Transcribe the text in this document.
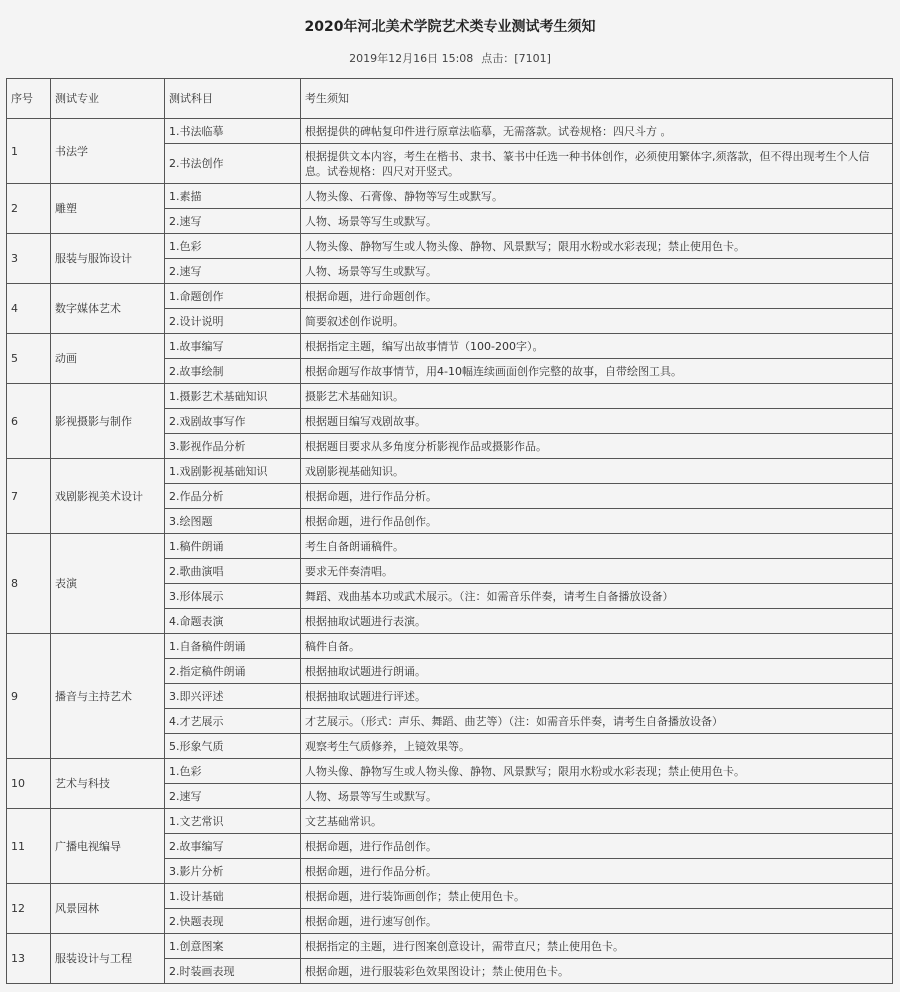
2020年河北美术学院艺术类专业测试考生须知
2019年12月16日 15:08 点击：[7101]
序号	测试专业	测试科目	考生须知
1	书法学	1.书法临摹	根据提供的碑帖复印件进行原章法临摹，无需落款。试卷规格：四尺斗方 。
		2.书法创作	根据提供文本内容，考生在楷书、隶书、篆书中任选一种书体创作，必须使用繁体字,须落款，但不得出现考生个人信息。试卷规格：四尺对开竖式。
2	雕塑	1.素描	人物头像、石膏像、静物等写生或默写。
		2.速写	人物、场景等写生或默写。
3	服装与服饰设计	1.色彩	人物头像、静物写生或人物头像、静物、风景默写；限用水粉或水彩表现；禁止使用色卡。
		2.速写	人物、场景等写生或默写。
4	数字媒体艺术	1.命题创作	根据命题，进行命题创作。
		2.设计说明	简要叙述创作说明。
5	动画	1.故事编写	根据指定主题，编写出故事情节（100-200字）。
		2.故事绘制	根据命题写作故事情节，用4-10幅连续画面创作完整的故事，自带绘图工具。
6	影视摄影与制作	1.摄影艺术基础知识	摄影艺术基础知识。
		2.戏剧故事写作	根据题目编写戏剧故事。
		3.影视作品分析	根据题目要求从多角度分析影视作品或摄影作品。
7	戏剧影视美术设计	1.戏剧影视基础知识	戏剧影视基础知识。
		2.作品分析	根据命题，进行作品分析。
		3.绘图题	根据命题，进行作品创作。
8	表演	1.稿件朗诵	考生自备朗诵稿件。
		2.歌曲演唱	要求无伴奏清唱。
		3.形体展示	舞蹈、戏曲基本功或武术展示。（注：如需音乐伴奏，请考生自备播放设备）
		4.命题表演	根据抽取试题进行表演。
9	播音与主持艺术	1.自备稿件朗诵	稿件自备。
		2.指定稿件朗诵	根据抽取试题进行朗诵。
		3.即兴评述	根据抽取试题进行评述。
		4.才艺展示	才艺展示。（形式：声乐、舞蹈、曲艺等）（注：如需音乐伴奏，请考生自备播放设备）
		5.形象气质	观察考生气质修养，上镜效果等。
10	艺术与科技	1.色彩	人物头像、静物写生或人物头像、静物、风景默写；限用水粉或水彩表现；禁止使用色卡。
		2.速写	人物、场景等写生或默写。
11	广播电视编导	1.文艺常识	文艺基础常识。
		2.故事编写	根据命题，进行作品创作。
		3.影片分析	根据命题，进行作品分析。
12	风景园林	1.设计基础	根据命题，进行装饰画创作；禁止使用色卡。
		2.快题表现	根据命题，进行速写创作。
13	服装设计与工程	1.创意图案	根据指定的主题，进行图案创意设计，需带直尺；禁止使用色卡。
		2.时装画表现	根据命题，进行服装彩色效果图设计；禁止使用色卡。
